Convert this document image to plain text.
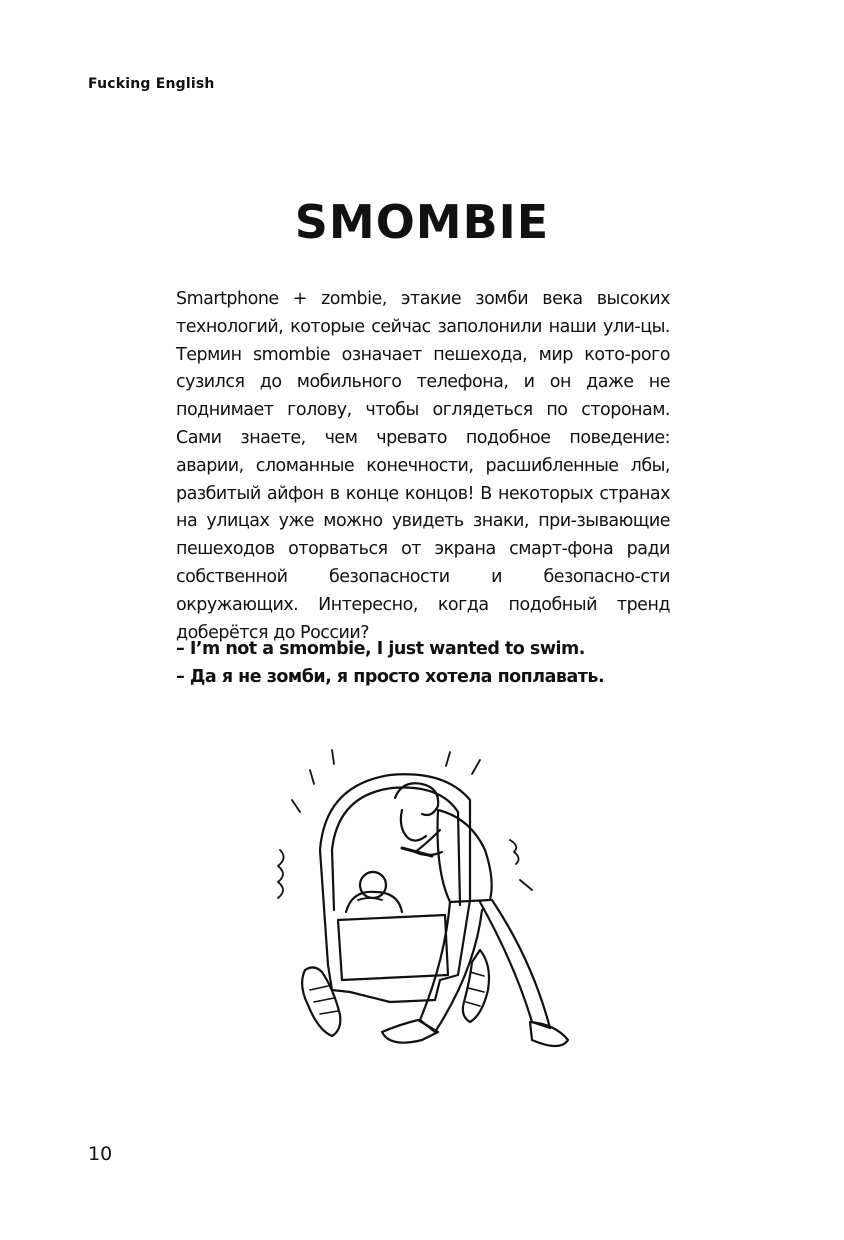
Fucking English
SMOMBIE
Smartphone + zombie, этакие зомби века высоких технологий, которые сейчас заполонили наши ули-цы. Термин smombie означает пешехода, мир кото-рого сузился до мобильного телефона, и он даже не поднимает голову, чтобы оглядеться по сторонам. Сами знаете, чем чревато подобное поведение: аварии, сломанные конечности, расшибленные лбы, разбитый айфон в конце концов! В некоторых странах на улицах уже можно увидеть знаки, при-зывающие пешеходов оторваться от экрана смарт-фона ради собственной безопасности и безопасно-сти окружающих. Интересно, когда подобный тренд доберётся до России?
– I’m not a smombie, I just wanted to swim.
– Да я не зомби, я просто хотела поплавать.
10
